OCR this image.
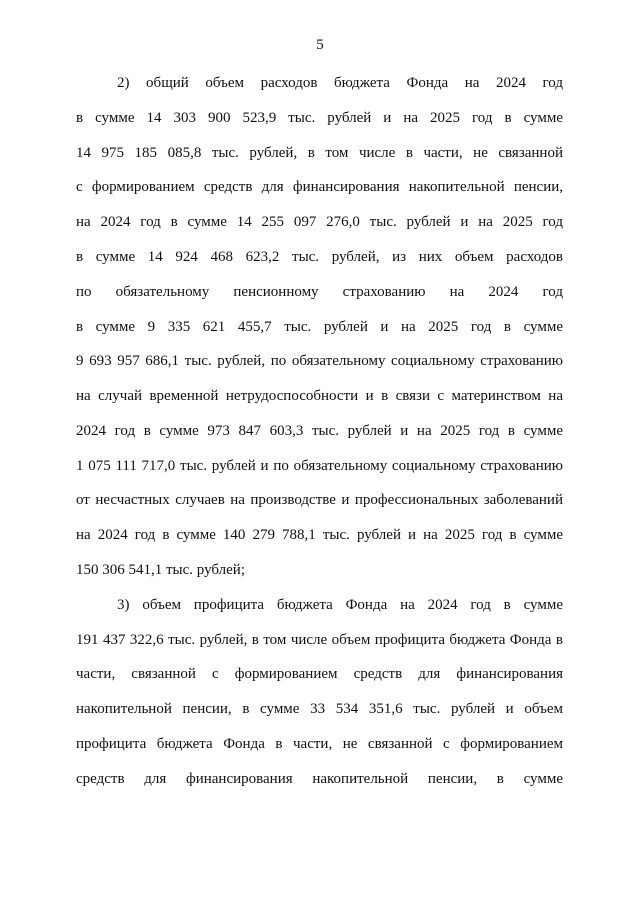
5
2) общий объем расходов бюджета Фонда на 2024 год
в сумме 14 303 900 523,9 тыс. рублей и на 2025 год в сумме
14 975 185 085,8 тыс. рублей, в том числе в части, не связанной
с формированием средств для финансирования накопительной пенсии,
на 2024 год в сумме 14 255 097 276,0 тыс. рублей и на 2025 год
в сумме 14 924 468 623,2 тыс. рублей, из них объем расходов
по обязательному пенсионному страхованию на 2024 год
в сумме 9 335 621 455,7 тыс. рублей и на 2025 год в сумме
9 693 957 686,1 тыс. рублей, по обязательному социальному страхованию
на случай временной нетрудоспособности и в связи с материнством на
2024 год в сумме 973 847 603,3 тыс. рублей и на 2025 год в сумме
1 075 111 717,0 тыс. рублей и по обязательному социальному страхованию
от несчастных случаев на производстве и профессиональных заболеваний
на 2024 год в сумме 140 279 788,1 тыс. рублей и на 2025 год в сумме
150 306 541,1 тыс. рублей;
3) объем профицита бюджета Фонда на 2024 год в сумме
191 437 322,6 тыс. рублей, в том числе объем профицита бюджета Фонда в
части, связанной с формированием средств для финансирования
накопительной пенсии, в сумме 33 534 351,6 тыс. рублей и объем
профицита бюджета Фонда в части, не связанной с формированием
средств для финансирования накопительной пенсии, в сумме
